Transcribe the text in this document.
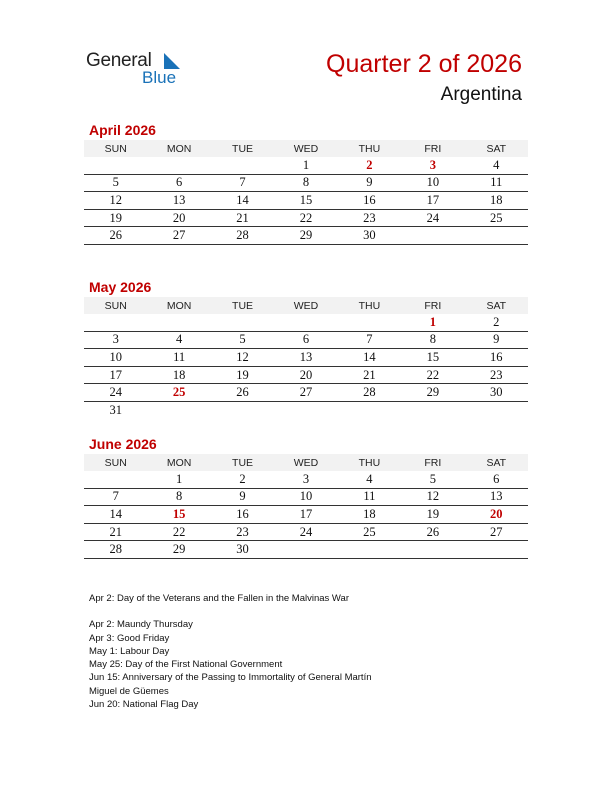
General
Blue	Quarter 2 of 2026
Argentina
April 2026
SUN	MON	TUE	WED	THU	FRI	SAT
			1	2	3	4
5	6	7	8	9	10	11
12	13	14	15	16	17	18
19	20	21	22	23	24	25
26	27	28	29	30		
May 2026
SUN	MON	TUE	WED	THU	FRI	SAT
					1	2
3	4	5	6	7	8	9
10	11	12	13	14	15	16
17	18	19	20	21	22	23
24	25	26	27	28	29	30
31						
June 2026
SUN	MON	TUE	WED	THU	FRI	SAT
	1	2	3	4	5	6
7	8	9	10	11	12	13
14	15	16	17	18	19	20
21	22	23	24	25	26	27
28	29	30				
Apr 2: Day of the Veterans and the Fallen in the Malvinas War
Apr 2: Maundy Thursday
Apr 3: Good Friday
May 1: Labour Day
May 25: Day of the First National Government
Jun 15: Anniversary of the Passing to Immortality of General Martín
Miguel de Güemes
Jun 20: National Flag Day
